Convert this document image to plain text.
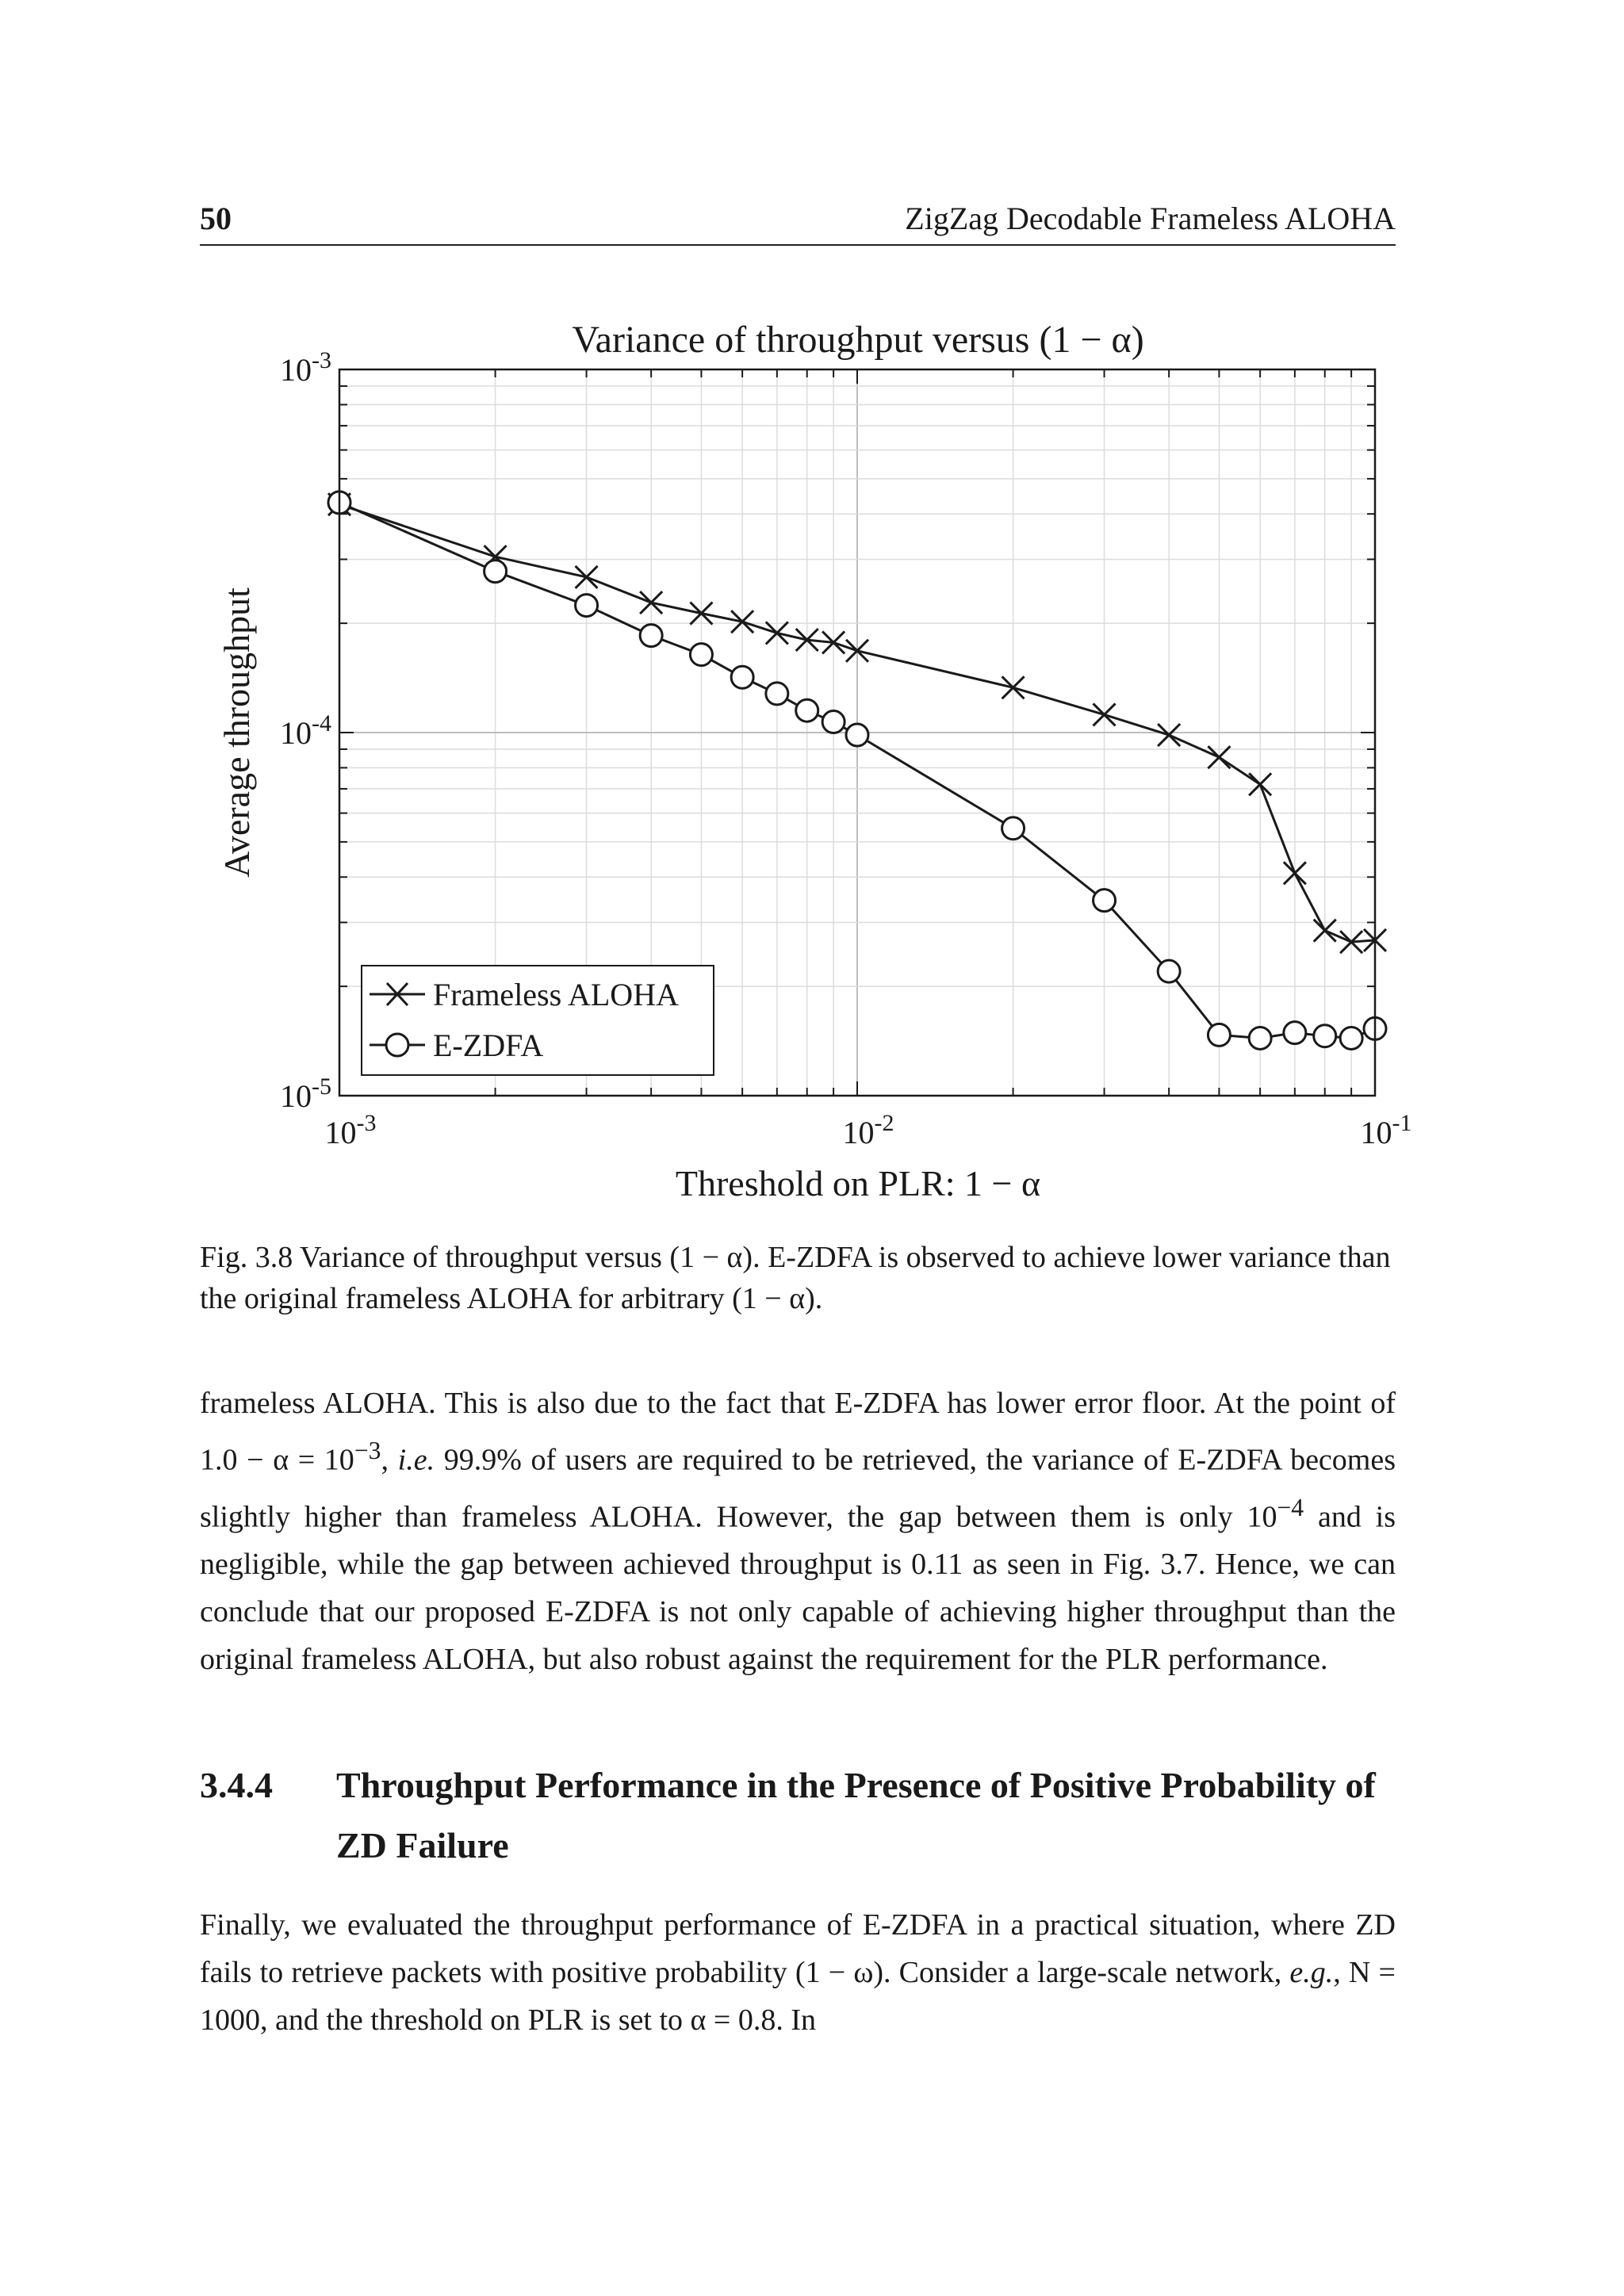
50	ZigZag Decodable Frameless ALOHA
Variance of throughput versus (1 − α)
$10^{-3}$
$10^{-4}$
$10^{-5}$
$10^{-3}$	$10^{-2}$	$10^{-1}$
Threshold on PLR: 1 − α
Average throughput
Frameless ALOHA
E-ZDFA
Fig. 3.8 Variance of throughput versus (1 − α). E-ZDFA is observed to achieve lower variance than the original frameless ALOHA for arbitrary (1 − α).

frameless ALOHA. This is also due to the fact that E-ZDFA has lower error floor. At the point of $1.0 - \alpha = 10^{-3}$, i.e. 99.9% of users are required to be retrieved, the variance of E-ZDFA becomes slightly higher than frameless ALOHA. However, the gap between them is only $10^{-4}$ and is negligible, while the gap between achieved throughput is 0.11 as seen in Fig. 3.7. Hence, we can conclude that our proposed E-ZDFA is not only capable of achieving higher throughput than the original frameless ALOHA, but also robust against the requirement for the PLR performance.

3.4.4 Throughput Performance in the Presence of Positive Probability of ZD Failure

Finally, we evaluated the throughput performance of E-ZDFA in a practical situation, where ZD fails to retrieve packets with positive probability (1 − ω). Consider a large-scale network, e.g., N = 1000, and the threshold on PLR is set to α = 0.8. In
